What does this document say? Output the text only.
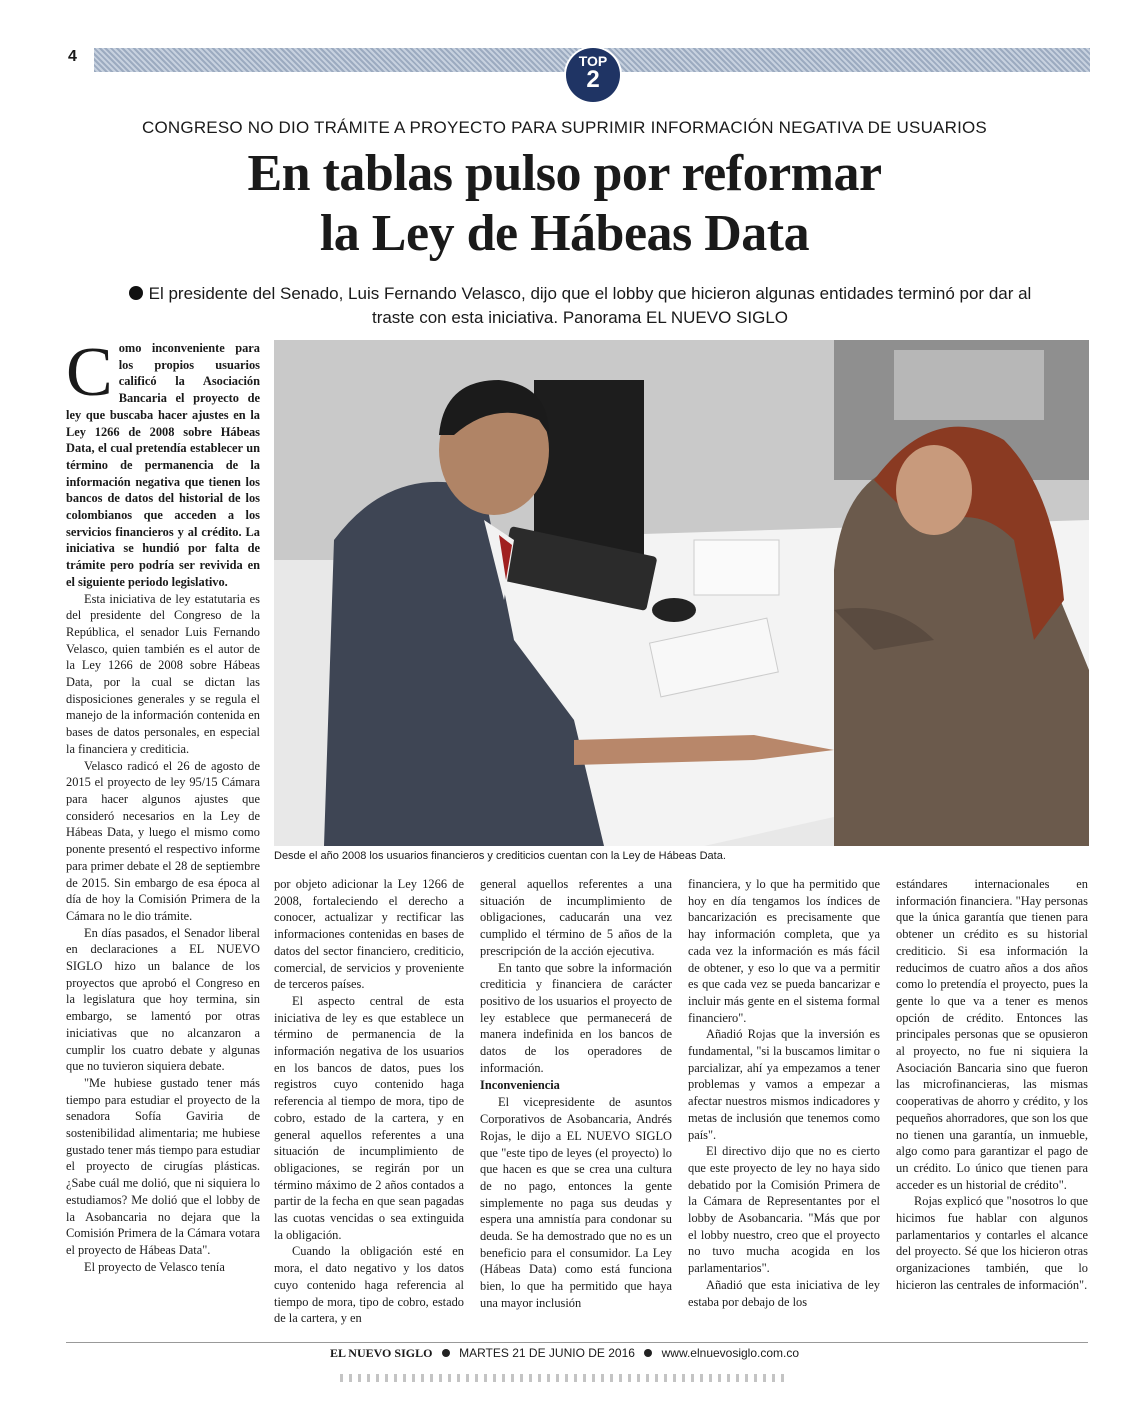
4	TOP
2
CONGRESO NO DIO TRÁMITE A PROYECTO PARA SUPRIMIR INFORMACIÓN NEGATIVA DE USUARIOS
En tablas pulso por reformar
la Ley de Hábeas Data
El presidente del Senado, Luis Fernando Velasco, dijo que el lobby que hicieron algunas entidades terminó por dar al
traste con esta iniciativa. Panorama EL NUEVO SIGLO

Como inconveniente para los propios usuarios calificó la Asociación Bancaria el proyecto de ley que buscaba hacer ajustes en la Ley 1266 de 2008 sobre Hábeas Data, el cual pretendía establecer un término de permanencia de la información negativa que tienen los bancos de datos del historial de los colombianos que acceden a los servicios financieros y al crédito. La iniciativa se hundió por falta de trámite pero podría ser revivida en el siguiente periodo legislativo.

Esta iniciativa de ley estatutaria es del presidente del Congreso de la República, el senador Luis Fernando Velasco, quien también es el autor de la Ley 1266 de 2008 sobre Hábeas Data, por la cual se dictan las disposiciones generales y se regula el manejo de la información contenida en bases de datos personales, en especial la financiera y crediticia.

Velasco radicó el 26 de agosto de 2015 el proyecto de ley 95/15 Cámara para hacer algunos ajustes que consideró necesarios en la Ley de Hábeas Data, y luego el mismo como ponente presentó el respectivo informe para primer debate el 28 de septiembre de 2015. Sin embargo de esa época al día de hoy la Comisión Primera de la Cámara no le dio trámite.

En días pasados, el Senador liberal en declaraciones a EL NUEVO SIGLO hizo un balance de los proyectos que aprobó el Congreso en la legislatura que hoy termina, sin embargo, se lamentó por otras iniciativas que no alcanzaron a cumplir los cuatro debate y algunas que no tuvieron siquiera debate.

"Me hubiese gustado tener más tiempo para estudiar el proyecto de la senadora Sofía Gaviria de sostenibilidad alimentaria; me hubiese gustado tener más tiempo para estudiar el proyecto de cirugías plásticas. ¿Sabe cuál me dolió, que ni siquiera lo estudiamos? Me dolió que el lobby de la Asobancaria no dejara que la Comisión Primera de la Cámara votara el proyecto de Hábeas Data".

El proyecto de Velasco tenía

Desde el año 2008 los usuarios financieros y crediticios cuentan con la Ley de Hábeas Data.

por objeto adicionar la Ley 1266 de 2008, fortaleciendo el derecho a conocer, actualizar y rectificar las informaciones contenidas en bases de datos del sector financiero, crediticio, comercial, de servicios y proveniente de terceros países.

El aspecto central de esta iniciativa de ley es que establece un término de permanencia de la información negativa de los usuarios en los bancos de datos, pues los registros cuyo contenido haga referencia al tiempo de mora, tipo de cobro, estado de la cartera, y en general aquellos referentes a una situación de incumplimiento de obligaciones, se regirán por un término máximo de 2 años contados a partir de la fecha en que sean pagadas las cuotas vencidas o sea extinguida la obligación.

Cuando la obligación esté en mora, el dato negativo y los datos cuyo contenido haga referencia al tiempo de mora, tipo de cobro, estado de la cartera, y en

general aquellos referentes a una situación de incumplimiento de obligaciones, caducarán una vez cumplido el término de 5 años de la prescripción de la acción ejecutiva.

En tanto que sobre la información crediticia y financiera de carácter positivo de los usuarios el proyecto de ley establece que permanecerá de manera indefinida en los bancos de datos de los operadores de información.

Inconveniencia

El vicepresidente de asuntos Corporativos de Asobancaria, Andrés Rojas, le dijo a EL NUEVO SIGLO que "este tipo de leyes (el proyecto) lo que hacen es que se crea una cultura de no pago, entonces la gente simplemente no paga sus deudas y espera una amnistía para condonar su deuda. Se ha demostrado que no es un beneficio para el consumidor. La Ley (Hábeas Data) como está funciona bien, lo que ha permitido que haya una mayor inclusión

financiera, y lo que ha permitido que hoy en día tengamos los índices de bancarización es precisamente que hay información completa, que ya cada vez la información es más fácil de obtener, y eso lo que va a permitir es que cada vez se pueda bancarizar e incluir más gente en el sistema formal financiero".

Añadió Rojas que la inversión es fundamental, "si la buscamos limitar o parcializar, ahí ya empezamos a tener problemas y vamos a empezar a afectar nuestros mismos indicadores y metas de inclusión que tenemos como país".

El directivo dijo que no es cierto que este proyecto de ley no haya sido debatido por la Comisión Primera de la Cámara de Representantes por el lobby de Asobancaria. "Más que por el lobby nuestro, creo que el proyecto no tuvo mucha acogida en los parlamentarios".

Añadió que esta iniciativa de ley estaba por debajo de los

estándares internacionales en información financiera. "Hay personas que la única garantía que tienen para obtener un crédito es su historial crediticio. Si esa información la reducimos de cuatro años a dos años como lo pretendía el proyecto, pues la gente lo que va a tener es menos opción de crédito. Entonces las principales personas que se opusieron al proyecto, no fue ni siquiera la Asociación Bancaria sino que fueron las microfinancieras, las mismas cooperativas de ahorro y crédito, y los pequeños ahorradores, que son los que no tienen una garantía, un inmueble, algo como para garantizar el pago de un crédito. Lo único que tienen para acceder es un historial de crédito".

Rojas explicó que "nosotros lo que hicimos fue hablar con algunos parlamentarios y contarles el alcance del proyecto. Sé que los hicieron otras organizaciones también, que lo hicieron las centrales de información".

EL NUEVO SIGLO MARTES 21 DE JUNIO DE 2016 www.elnuevosiglo.com.co
